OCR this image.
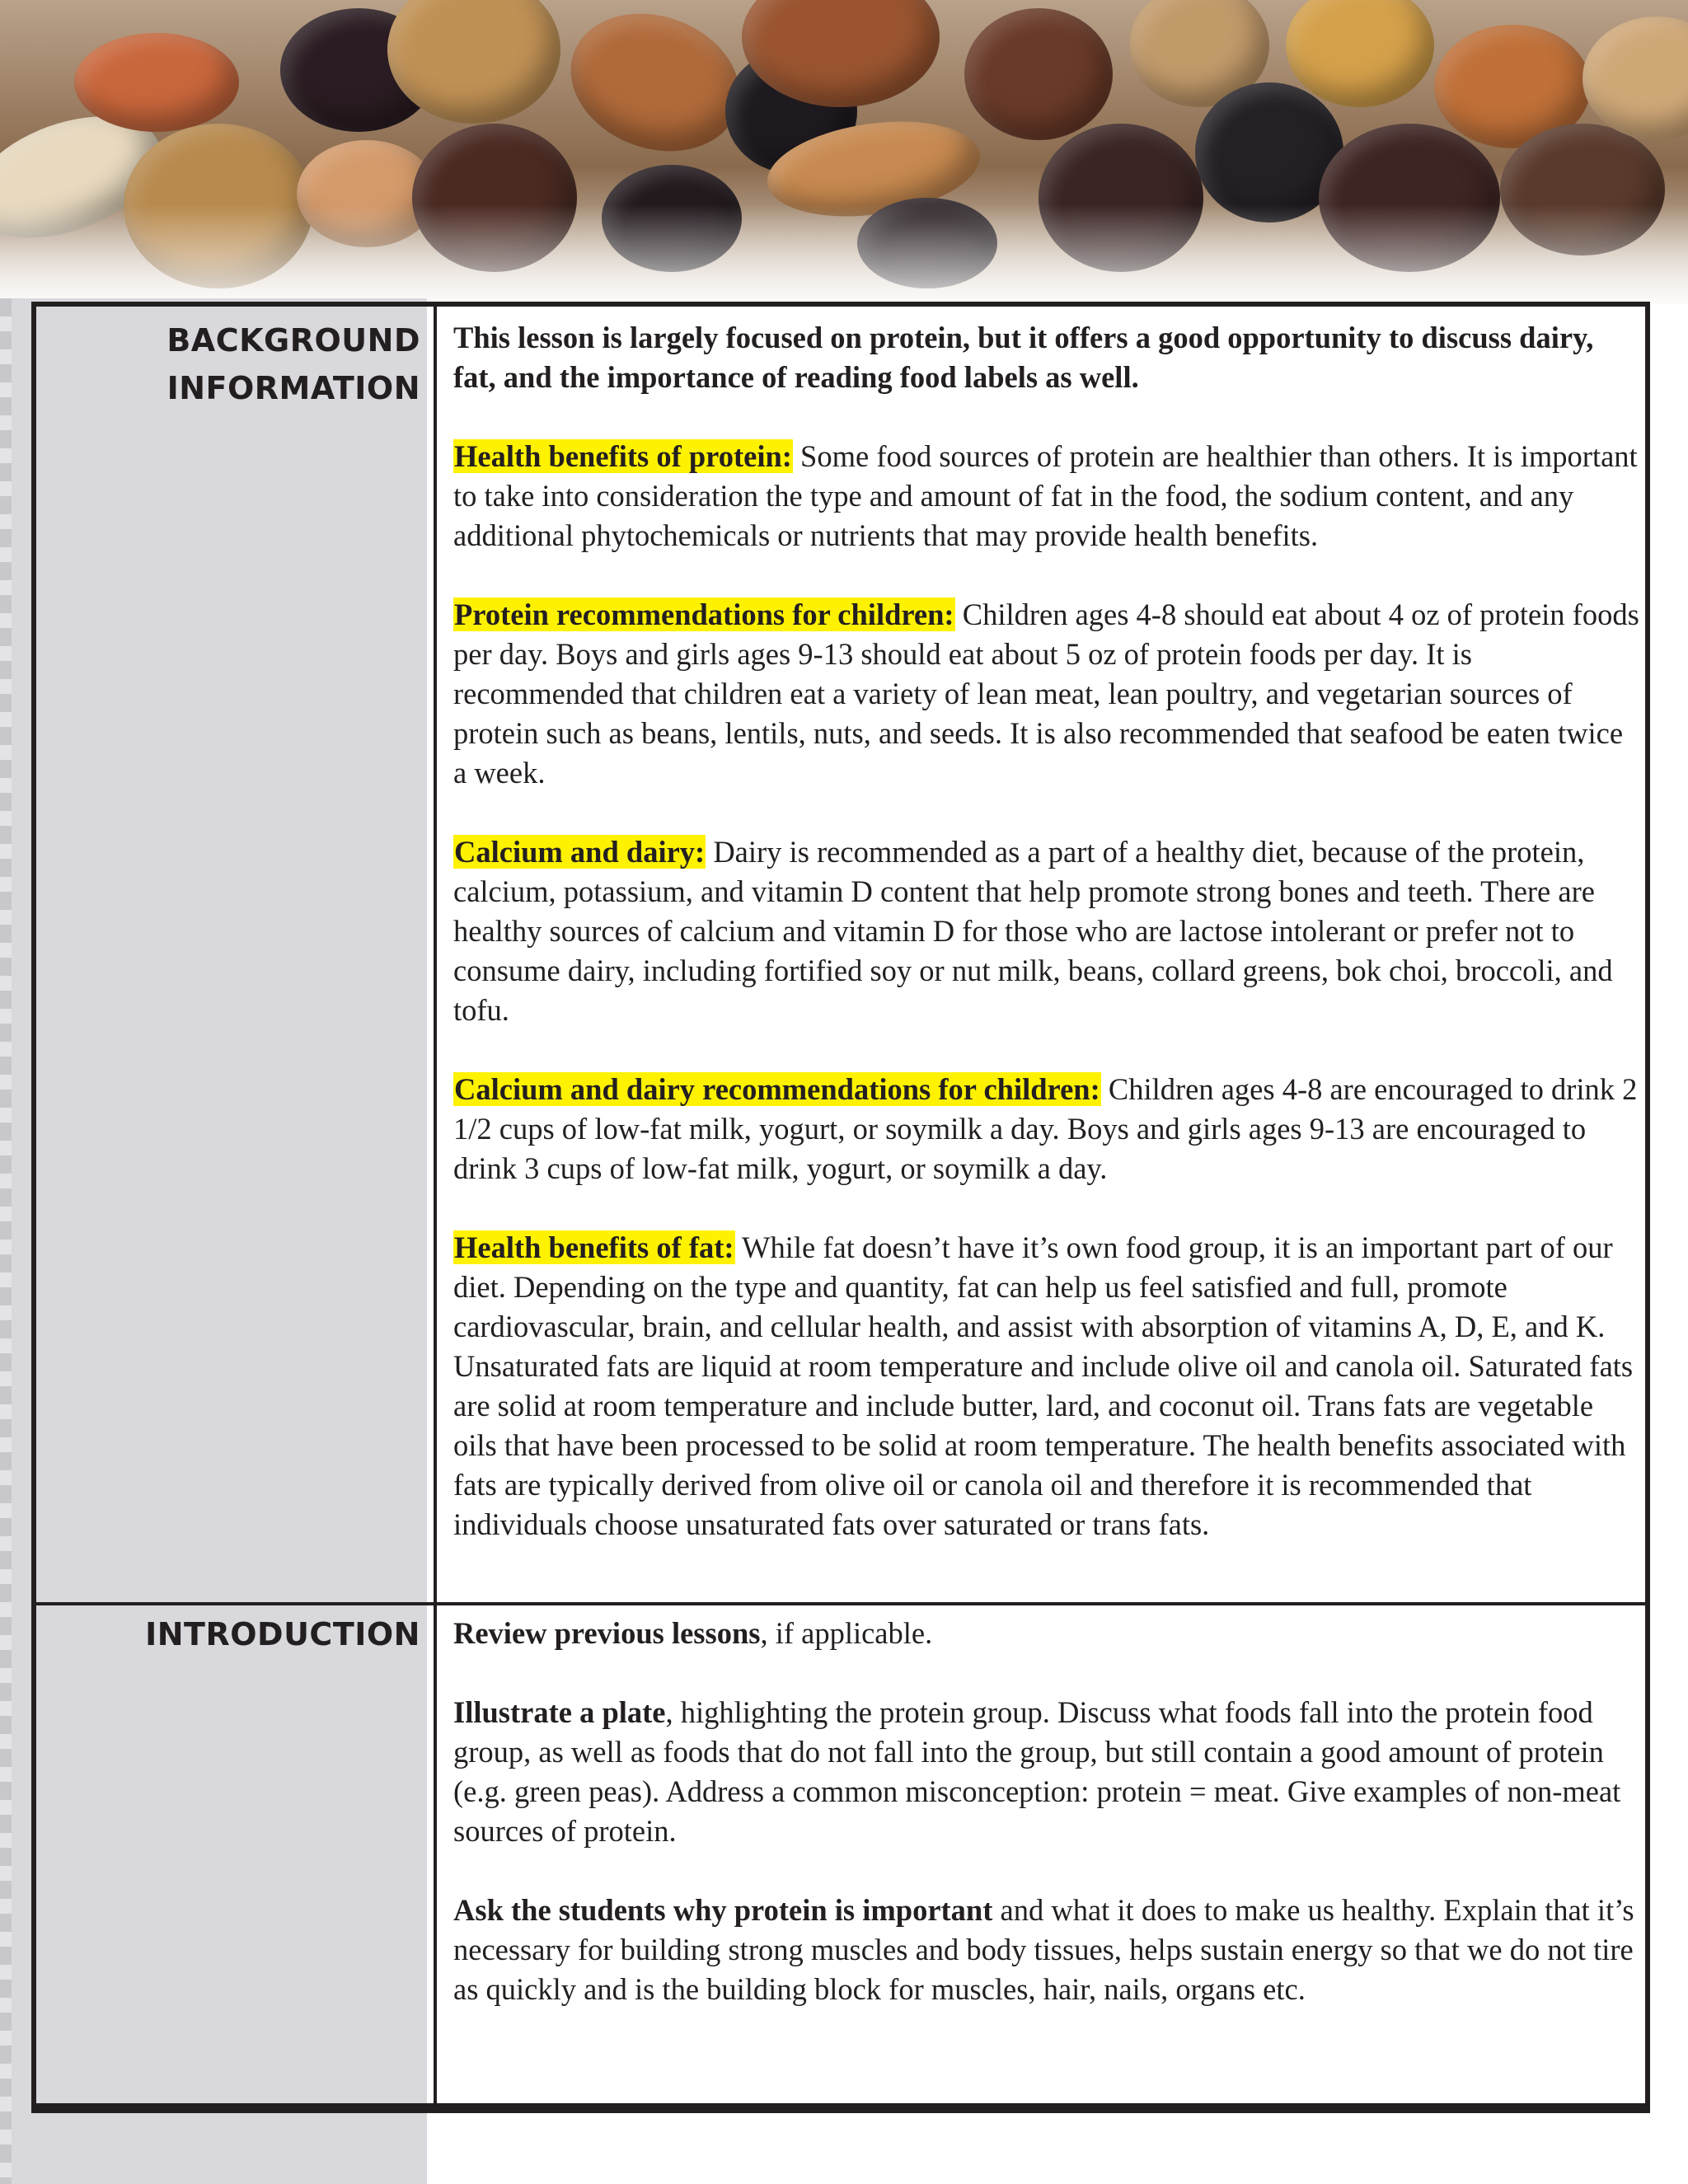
BACKGROUND
INFORMATION

This lesson is largely focused on protein, but it offers a good opportunity to discuss dairy, fat, and the importance of reading food labels as well.

Health benefits of protein: Some food sources of protein are healthier than others. It is important to take into consideration the type and amount of fat in the food, the sodium content, and any additional phytochemicals or nutrients that may provide health benefits.

Protein recommendations for children: Children ages 4-8 should eat about 4 oz of protein foods per day. Boys and girls ages 9-13 should eat about 5 oz of protein foods per day. It is recommended that children eat a variety of lean meat, lean poultry, and vegetarian sources of protein such as beans, lentils, nuts, and seeds. It is also recommended that seafood be eaten twice a week.

Calcium and dairy: Dairy is recommended as a part of a healthy diet, because of the protein, calcium, potassium, and vitamin D content that help promote strong bones and teeth. There are healthy sources of calcium and vitamin D for those who are lactose intolerant or prefer not to consume dairy, including fortified soy or nut milk, beans, collard greens, bok choi, broccoli, and tofu.

Calcium and dairy recommendations for children: Children ages 4-8 are encouraged to drink 2 1/2 cups of low-fat milk, yogurt, or soymilk a day. Boys and girls ages 9-13 are encouraged to drink 3 cups of low-fat milk, yogurt, or soymilk a day.

Health benefits of fat: While fat doesn’t have it’s own food group, it is an important part of our diet. Depending on the type and quantity, fat can help us feel satisfied and full, promote cardiovascular, brain, and cellular health, and assist with absorption of vitamins A, D, E, and K. Unsaturated fats are liquid at room temperature and include olive oil and canola oil. Saturated fats are solid at room temperature and include butter, lard, and coconut oil. Trans fats are vegetable oils that have been processed to be solid at room temperature. The health benefits associated with fats are typically derived from olive oil or canola oil and therefore it is recommended that individuals choose unsaturated fats over saturated or trans fats.

INTRODUCTION Review previous lessons, if applicable.

Illustrate a plate, highlighting the protein group. Discuss what foods fall into the protein food group, as well as foods that do not fall into the group, but still contain a good amount of protein (e.g. green peas). Address a common misconception: protein = meat. Give examples of non-meat sources of protein.

Ask the students why protein is important and what it does to make us healthy. Explain that it’s necessary for building strong muscles and body tissues, helps sustain energy so that we do not tire as quickly and is the building block for muscles, hair, nails, organs etc.
